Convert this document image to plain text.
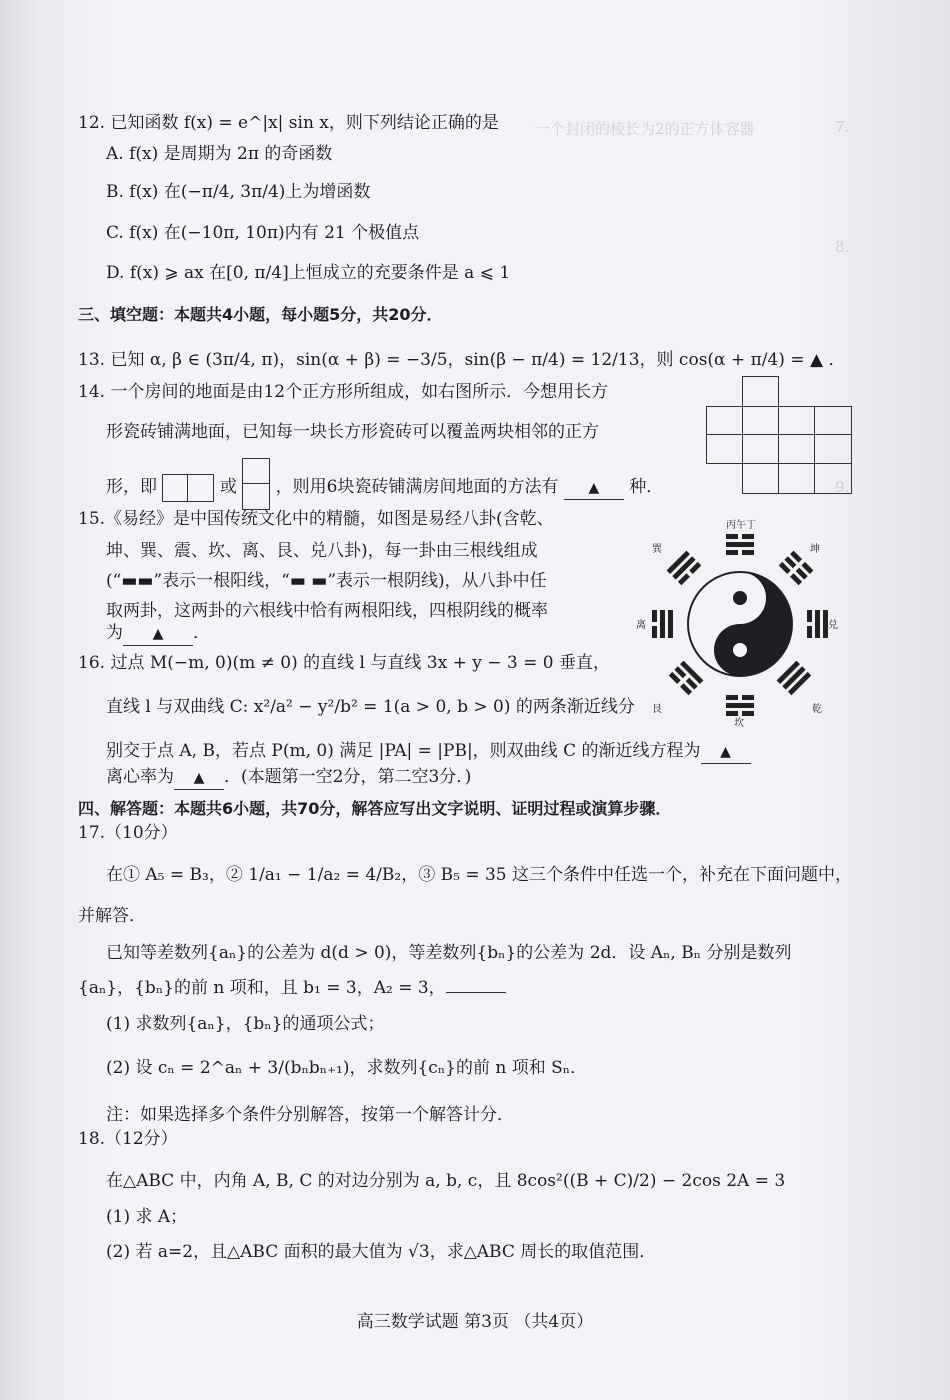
7.
一个封闭的棱长为2的正方体容器
8.
9.
12. 已知函数 f(x) = e^|x| sin x，则下列结论正确的是
A. f(x) 是周期为 2π 的奇函数
B. f(x) 在(−π/4, 3π/4)上为增函数
C. f(x) 在(−10π, 10π)内有 21 个极值点
D. f(x) ⩾ ax 在[0, π/4]上恒成立的充要条件是 a ⩽ 1
三、填空题：本题共4小题，每小题5分，共20分．
13. 已知 α, β ∈ (3π/4, π)，sin(α + β) = −3/5，sin(β − π/4) = 12/13，则 cos(α + π/4) = ▲ ．
14. 一个房间的地面是由12个正方形所组成，如右图所示．今想用长方
形瓷砖铺满地面，已知每一块长方形瓷砖可以覆盖两块相邻的正方
形，即	或 ，则用6块瓷砖铺满房间地面的方法有 ▲ 种．
15.《易经》是中国传统文化中的精髓，如图是易经八卦(含乾、
坤、巽、震、坎、离、艮、兑八卦)，每一卦由三根线组成
(“▬▬”表示一根阳线，“▬ ▬”表示一根阴线)，从八卦中任
取两卦，这两卦的六根线中恰有两根阳线，四根阴线的概率
为 ▲ ．
丙午丁
巽	坤
离	兑
坎
艮	乾
16. 过点 M(−m, 0)(m ≠ 0) 的直线 l 与直线 3x + y − 3 = 0 垂直，
直线 l 与双曲线 C: x²/a² − y²/b² = 1(a > 0, b > 0) 的两条渐近线分
别交于点 A, B，若点 P(m, 0) 满足 |PA| = |PB|，则双曲线 C 的渐近线方程为 ▲
离心率为 ▲ ．(本题第一空2分，第二空3分．)
四、解答题：本题共6小题，共70分，解答应写出文字说明、证明过程或演算步骤．
17.（10分）
在① A₅ = B₃，② 1/a₁ − 1/a₂ = 4/B₂，③ B₅ = 35 这三个条件中任选一个，补充在下面问题中，
并解答．
已知等差数列{aₙ}的公差为 d(d > 0)，等差数列{bₙ}的公差为 2d．设 Aₙ, Bₙ 分别是数列
{aₙ}，{bₙ}的前 n 项和，且 b₁ = 3，A₂ = 3，
(1) 求数列{aₙ}，{bₙ}的通项公式；
(2) 设 cₙ = 2^aₙ + 3/(bₙbₙ₊₁)，求数列{cₙ}的前 n 项和 Sₙ．
注：如果选择多个条件分别解答，按第一个解答计分．
18.（12分）
在△ABC 中，内角 A, B, C 的对边分别为 a, b, c，且 8cos²((B + C)/2) − 2cos 2A = 3
(1) 求 A；
(2) 若 a=2，且△ABC 面积的最大值为 √3，求△ABC 周长的取值范围．
高三数学试题 第3页 （共4页）
